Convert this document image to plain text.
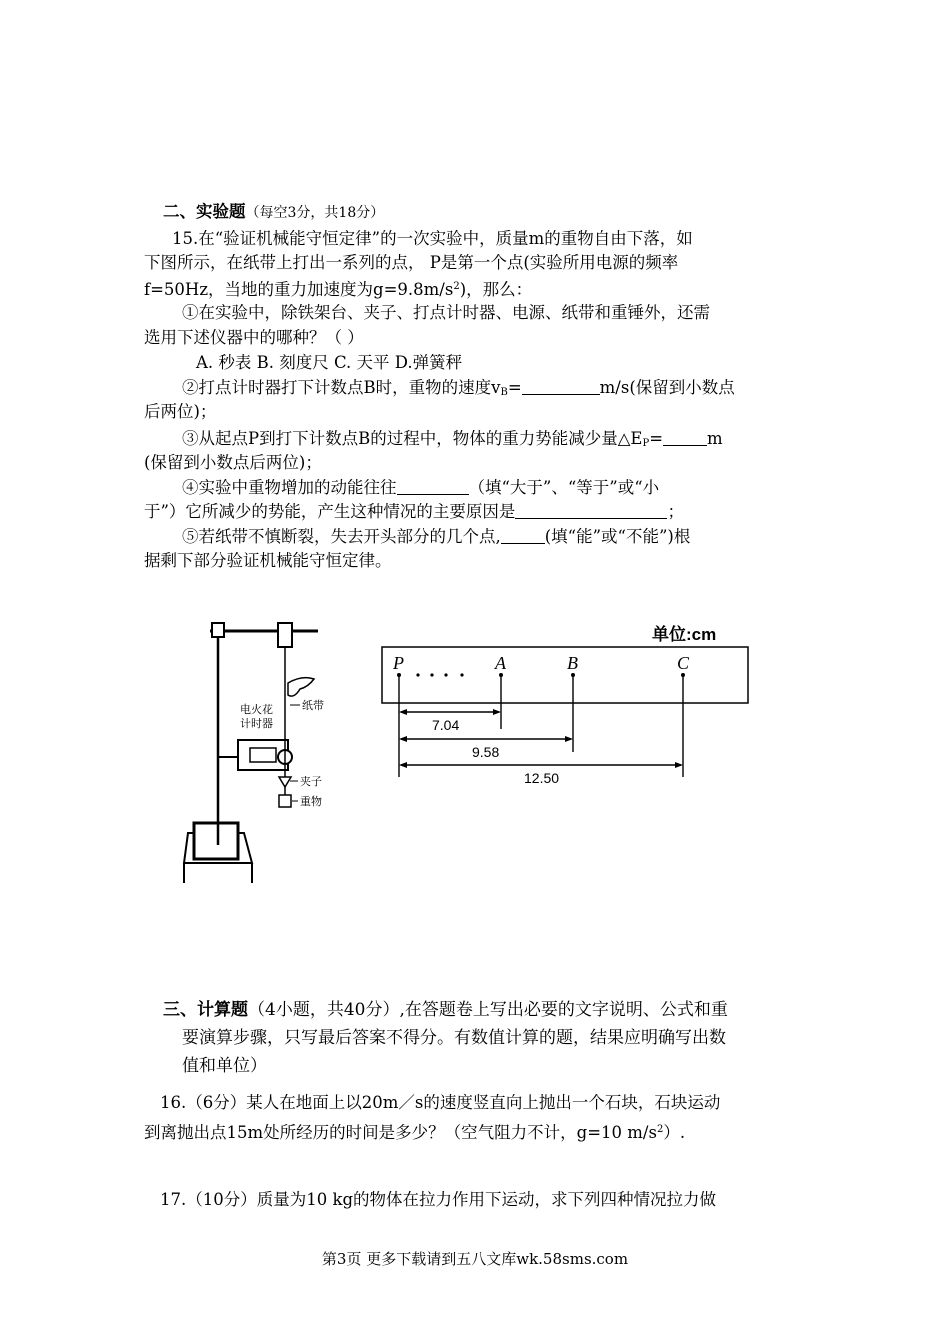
二、实验题（每空3分，共18分）
15.在“验证机械能守恒定律”的一次实验中，质量m的重物自由下落，如
下图所示，在纸带上打出一系列的点， P是第一个点(实验所用电源的频率
f=50Hz，当地的重力加速度为$g=9.8m/s^2$)，那么：
①在实验中，除铁架台、夹子、打点计时器、电源、纸带和重锤外，还需
选用下述仪器中的哪种？（ ）
A. 秒表 B. 刻度尺 C. 天平 D.弹簧秤
②打点计时器打下计数点B时，重物的速度$v_B=$	m/s(保留到小数点
后两位)；
③从起点P到打下计数点B的过程中，物体的重力势能减少量$\triangle E_P=$	m
(保留到小数点后两位)；
④实验中重物增加的动能往往	（填“大于”、“等于”或“小
于”）它所减少的势能，产生这种情况的主要原因是	；
⑤若纸带不慎断裂，失去开头部分的几个点,	(填“能”或“不能”)根
据剩下部分验证机械能守恒定律。
电火花
计时器
纸带
夹子
重物
单位:cm
P	A	B	C
7.04
9.58
12.50
三、计算题（4小题，共40分）,在答题卷上写出必要的文字说明、公式和重
要演算步骤，只写最后答案不得分。有数值计算的题，结果应明确写出数
值和单位）
16.（6分）某人在地面上以20m／s的速度竖直向上抛出一个石块，石块运动
到离抛出点15m处所经历的时间是多少？（空气阻力不计，g=10 $m/s^2$）.
17.（10分）质量为10 kg的物体在拉力作用下运动，求下列四种情况拉力做
第3页 更多下载请到五八文库wk.58sms.com
